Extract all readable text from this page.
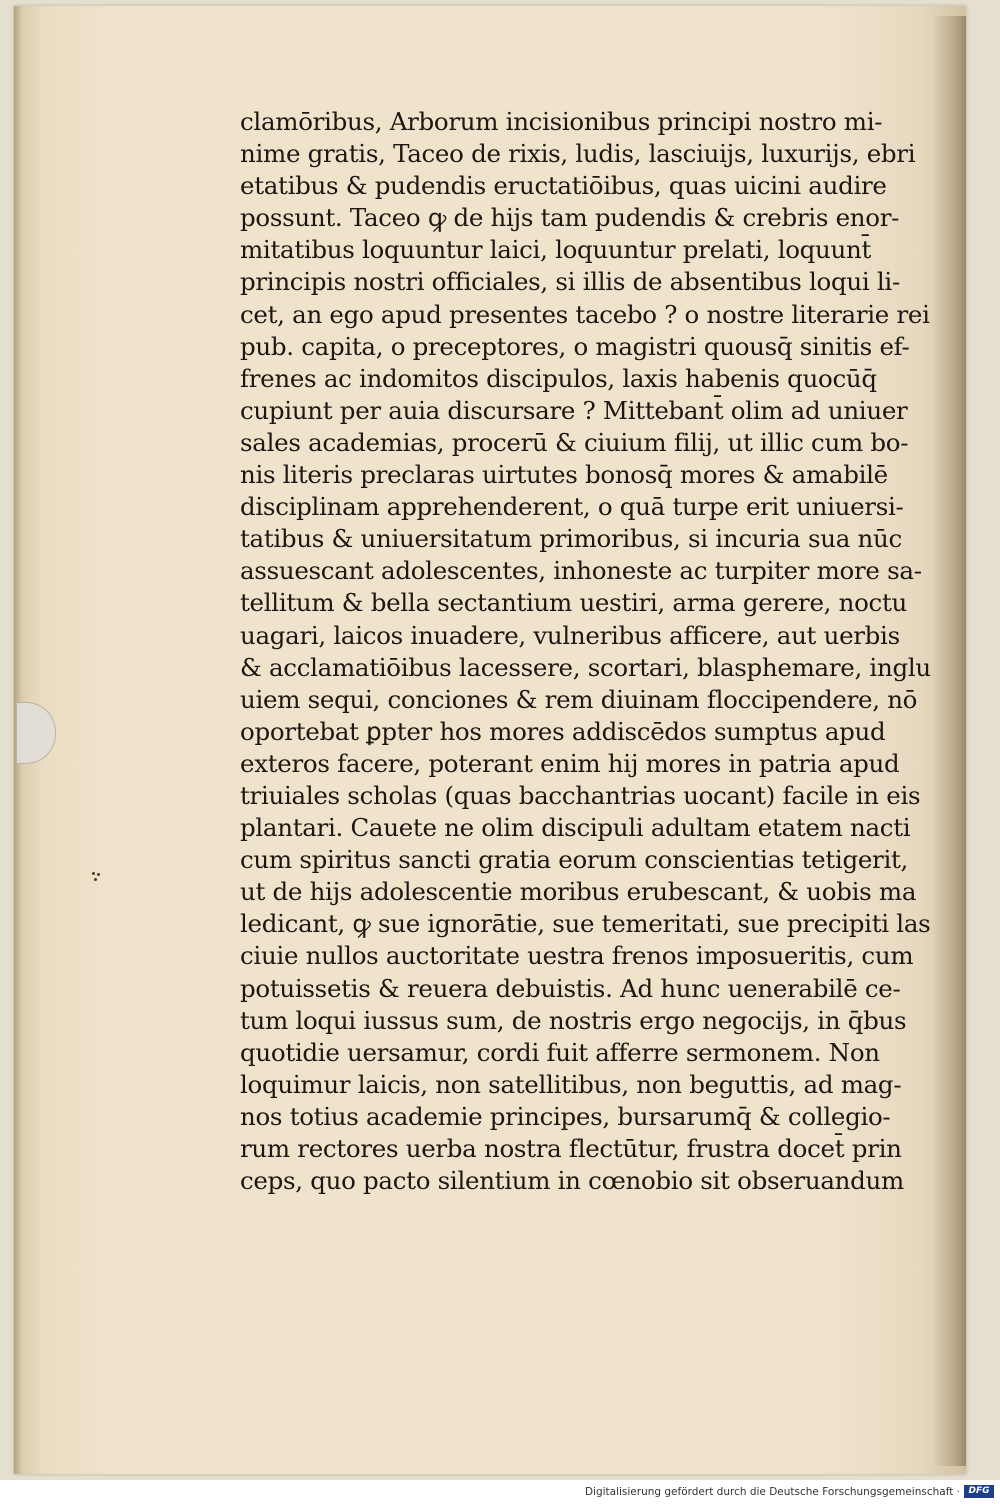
clamōribus, Arborum incisionibus principi nostro mi-
nime gratis, Taceo de rixis, ludis, lasciuijs, luxurijs, ebri
etatibus & pudendis eructatiōibus, quas uicini audire
possunt. Taceo ꝙ de hijs tam pudendis & crebris enor-
mitatibus loquuntur laici, loquuntur prelati, loquunt̄
principis nostri officiales, si illis de absentibus loqui li-
cet, an ego apud presentes tacebo ? o nostre literarie rei
pub. capita, o preceptores, o magistri quousq̄ sinitis ef-
frenes ac indomitos discipulos, laxis habenis quocūq̄
cupiunt per auia discursare ? Mittebant̄ olim ad uniuer
sales academias, procerū & ciuium filij, ut illic cum bo-
nis literis preclaras uirtutes bonosq̄ mores & amabilē
disciplinam apprehenderent, o quā turpe erit uniuersi-
tatibus & uniuersitatum primoribus, si incuria sua nūc
assuescant adolescentes, inhoneste ac turpiter more sa-
tellitum & bella sectantium uestiri, arma gerere, noctu
uagari, laicos inuadere, vulneribus afficere, aut uerbis
& acclamatiōibus lacessere, scortari, blasphemare, inglu
uiem sequi, conciones & rem diuinam floccipendere, nō
oportebat ꝑpter hos mores addiscēdos sumptus apud
exteros facere, poterant enim hij mores in patria apud
triuiales scholas (quas bacchantrias uocant) facile in eis
plantari. Cauete ne olim discipuli adultam etatem nacti
cum spiritus sancti gratia eorum conscientias tetigerit,
ut de hijs adolescentie moribus erubescant, & uobis ma
ledicant, ꝙ sue ignorātie, sue temeritati, sue precipiti las
ciuie nullos auctoritate uestra frenos imposueritis, cum
potuissetis & reuera debuistis. Ad hunc uenerabilē ce-
tum loqui iussus sum, de nostris ergo negocijs, in q̄bus
quotidie uersamur, cordi fuit afferre sermonem. Non
loquimur laicis, non satellitibus, non beguttis, ad mag-
nos totius academie principes, bursarumq̄ & collegio-
rum rectores uerba nostra flectūtur, frustra docet̄ prin
ceps, quo pacto silentium in cœnobio sit obseruandum
Digitalisierung gefördert durch die Deutsche Forschungsgemeinschaft · DFG
